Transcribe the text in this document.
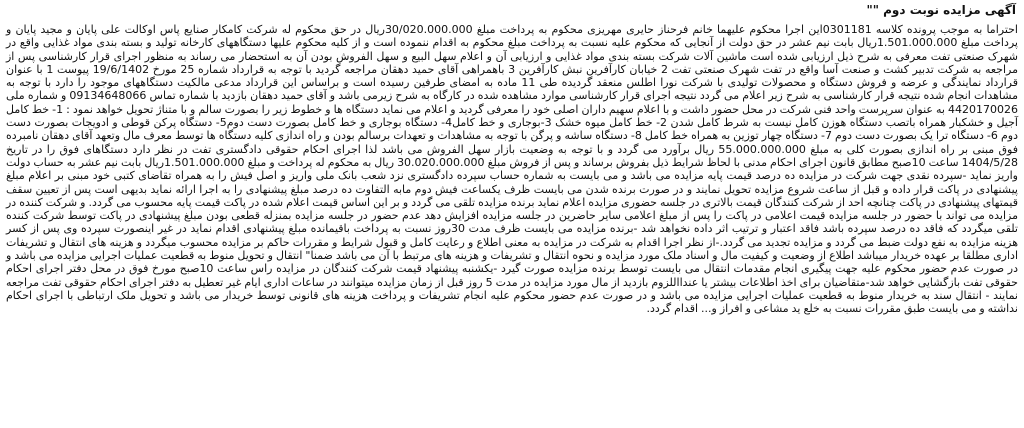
آگهی مزایده نوبت دوم ""

احتراما به موجب پرونده کلاسه 0301181این اجرا محکوم علیهما خانم فرحناز حایری مهریزی محکوم به پرداخت مبلغ 30/020.000.000ریال در حق محکوم له شرکت کامکار صنایع پاس اوکالت علی پایان و مجید پایان و پرداخت مبلغ 1.501.000.000ریال بابت نیم عشر در حق دولت از آنجایی که محکوم علیه نسبت به پرداخت مبلغ محکوم به اقدام ننموده است و از کلیه محکوم علیها دستگاههای کارخانه تولید و بسته بندی مواد غذایی واقع در شهرک صنعتی تفت معرفی به شرح ذیل ارزیابی شده است ماشین آلات شرکت بسته بندی مواد غذایی و ارزیابی آن و اعلام سهل البیع و سهل الفروش بودن آن به استحضار می رساند به منظور اجرای قرار کارشناسی پس از مراجعه به شرکت تدبیر کشت و صنعت آسا واقع در تفت شهرک صنعتی تفت 2 خیابان کارآفرین نبش کارآفرین 3 باهمراهی آقای حمید دهقان مراجعه گردید با توجه به قرارداد شماره 25 مورخ 19/6/1402 پیوست 1 با عنوان قرارداد نمایندگی و عرضه و فروش دستگاه و محصولات تولیدی با شرکت نورا اطلس منعقد گردیده طی 11 ماده به امضای طرفین رسیده است و براساس این قرارداد مدعی مالکیت دستگاههای موجود را دارد با توجه به مشاهدات انجام شده نتیجه قرار کارشناسی به شرح زیر اعلام می گردد نتیجه اجرای قرار کارشناسی موارد مشاهده شده در کارگاه به شرح زیرمی باشد و آقای حمید دهقان بازدید با شماره تماس 09134648066 و شماره ملی 4420170026 به عنوان سرپرست واحد فنی شرکت در محل حضور داشت و با اعلام سهیم داران اصلی خود را معرفی گردید و اعلام می نماید دستگاه ها و خطوط زیر را بصورت سالم و با متناژ تحویل خواهد نمود : 1- خط کامل آجیل و خشکبار همراه باتصب دستگاه هوزن کامل نیست به شرط کامل شدن 2- خط کامل میوه خشک 3-بوجاری و خط کامل4- دستگاه بوجاری و خط کامل بصورت دست دوم5- دستگاه پرکن قوطی و ادویجات بصورت دست دوم 6- دستگاه ترا یک بصورت دست دوم 7- دستگاه چهار توزین به همراه خط کامل 8- دستگاه ساشه و پرگن با توجه به مشاهدات و تعهدات برسالم بودن و راه اندازی کلیه دستگاه ها توسط معرف مال وتعهد آقای دهقان نامبرده فوق مبنی بر راه اندازی بصورت کلی به مبلغ 55.000.000.000 ریال برآورد می گردد و با توجه به وضعیت بازار سهل الفروش می باشد لذا اجرای احکام حقوقی دادگستری تفت در نظر دارد دستگاهای فوق را در تاریخ 1404/5/28 ساعت 10صبح مطابق قانون اجرای احکام مدنی با لحاظ شرایط ذیل بفروش برساند و پس از فروش مبلغ 30.020.000.000 ریال به محکوم له پرداخت و مبلغ 1.501.000.000ریال بابت نیم عشر به حساب دولت واریز نماید -سپرده نقدی جهت شرکت در مزایده ده درصد قیمت پایه مزایده می باشد و می بایست به شماره حساب سپرده دادگستری نزد شعب بانک ملی واریز و اصل فیش را به همراه تقاضای کتبی خود مبنی بر اعلام مبلغ پیشنهادی در پاکت قرار داده و قبل از ساعت شروع مزایده تحویل نمایند و در صورت برنده شدن می بایست ظرف یکساعت فیش دوم مابه التفاوت ده درصد مبلغ پیشنهادی را به اجرا ارائه نماید بدیهی است پس از تعیین سقف قیمتهای پیشنهادی در پاکت چنانچه احد از شرکت کنندگان قیمت بالاتری در جلسه حضوری مزایده اعلام نماید برنده مزایده تلقی می گردد و بر این اساس قیمت اعلام شده در پاکت قیمت پایه محسوب می گردد. و شرکت کننده در مزایده می تواند با حضور در جلسه مزایده قیمت اعلامی در پاکت را پس از مبلغ اعلامی سایر حاضرین در جلسه مزایده افزایش دهد عدم حضور در جلسه مزایده بمنزله قطعی بودن مبلغ پیشنهادی در پاکت توسط شرکت کننده تلقی میگردد که فاقد ده درصد سپرده باشد فاقد اعتبار و ترتیب اثر داده نخواهد شد -برنده مزایده می بایست ظرف مدت 30روز نسبت به پرداخت باقیمانده مبلغ پیشنهادی اقدام نماید در غیر اینصورت سپرده وی پس از کسر هزینه مزایده به نفع دولت ضبط می گردد و مزایده تجدید می گردد.-از نظر اجرا اقدام به شرکت در مزایده به معنی اطلاع و رعایت کامل و قبول شرایط و مقررات حاکم بر مزایده محسوب میگردد و هزینه های انتقال و تشریفات اداری مطلقا بر عهده خریدار میباشد اطلاع از وضعیت و کیفیت مال و اسناد ملک مورد مزایده و نحوه انتقال و تشریفات و هزینه های مرتبط با آن می باشد ضمنا" انتقال و تحویل منوط به قطعیت عملیات اجرایی مزایده می باشد و در صورت عدم حضور محکوم علیه جهت پیگیری انجام مقدمات انتقال می بایست توسط برنده مزایده صورت گیرد -یکشنبه پیشنهاد قیمت شرکت کنندگان در مزایده راس ساعت 10صبح مورخ فوق در محل دفتر اجرای احکام حقوقی تفت بازگشایی خواهد شد-متقاضیان برای اخذ اطلاعات بیشتر یا عندااللزوم بازدید از مال مورد مزایده در مدت 5 روز قبل از زمان مزایده میتوانند در ساعات اداری ایام غیر تعطیل به دفتر اجرای احکام حقوقی تفت مراجعه نمایند - انتقال سند به خریدار منوط به قطعیت عملیات اجرایی مزایده می باشد و در صورت عدم حضور محکوم علیه انجام تشریفات و پرداخت هزینه های قانونی توسط خریدار می باشد و تحویل ملک ارتباطی با اجرای احکام نداشته و می بایست طبق مقررات نسبت به خلع ید مشاعی و افراز و... اقدام گردد.
